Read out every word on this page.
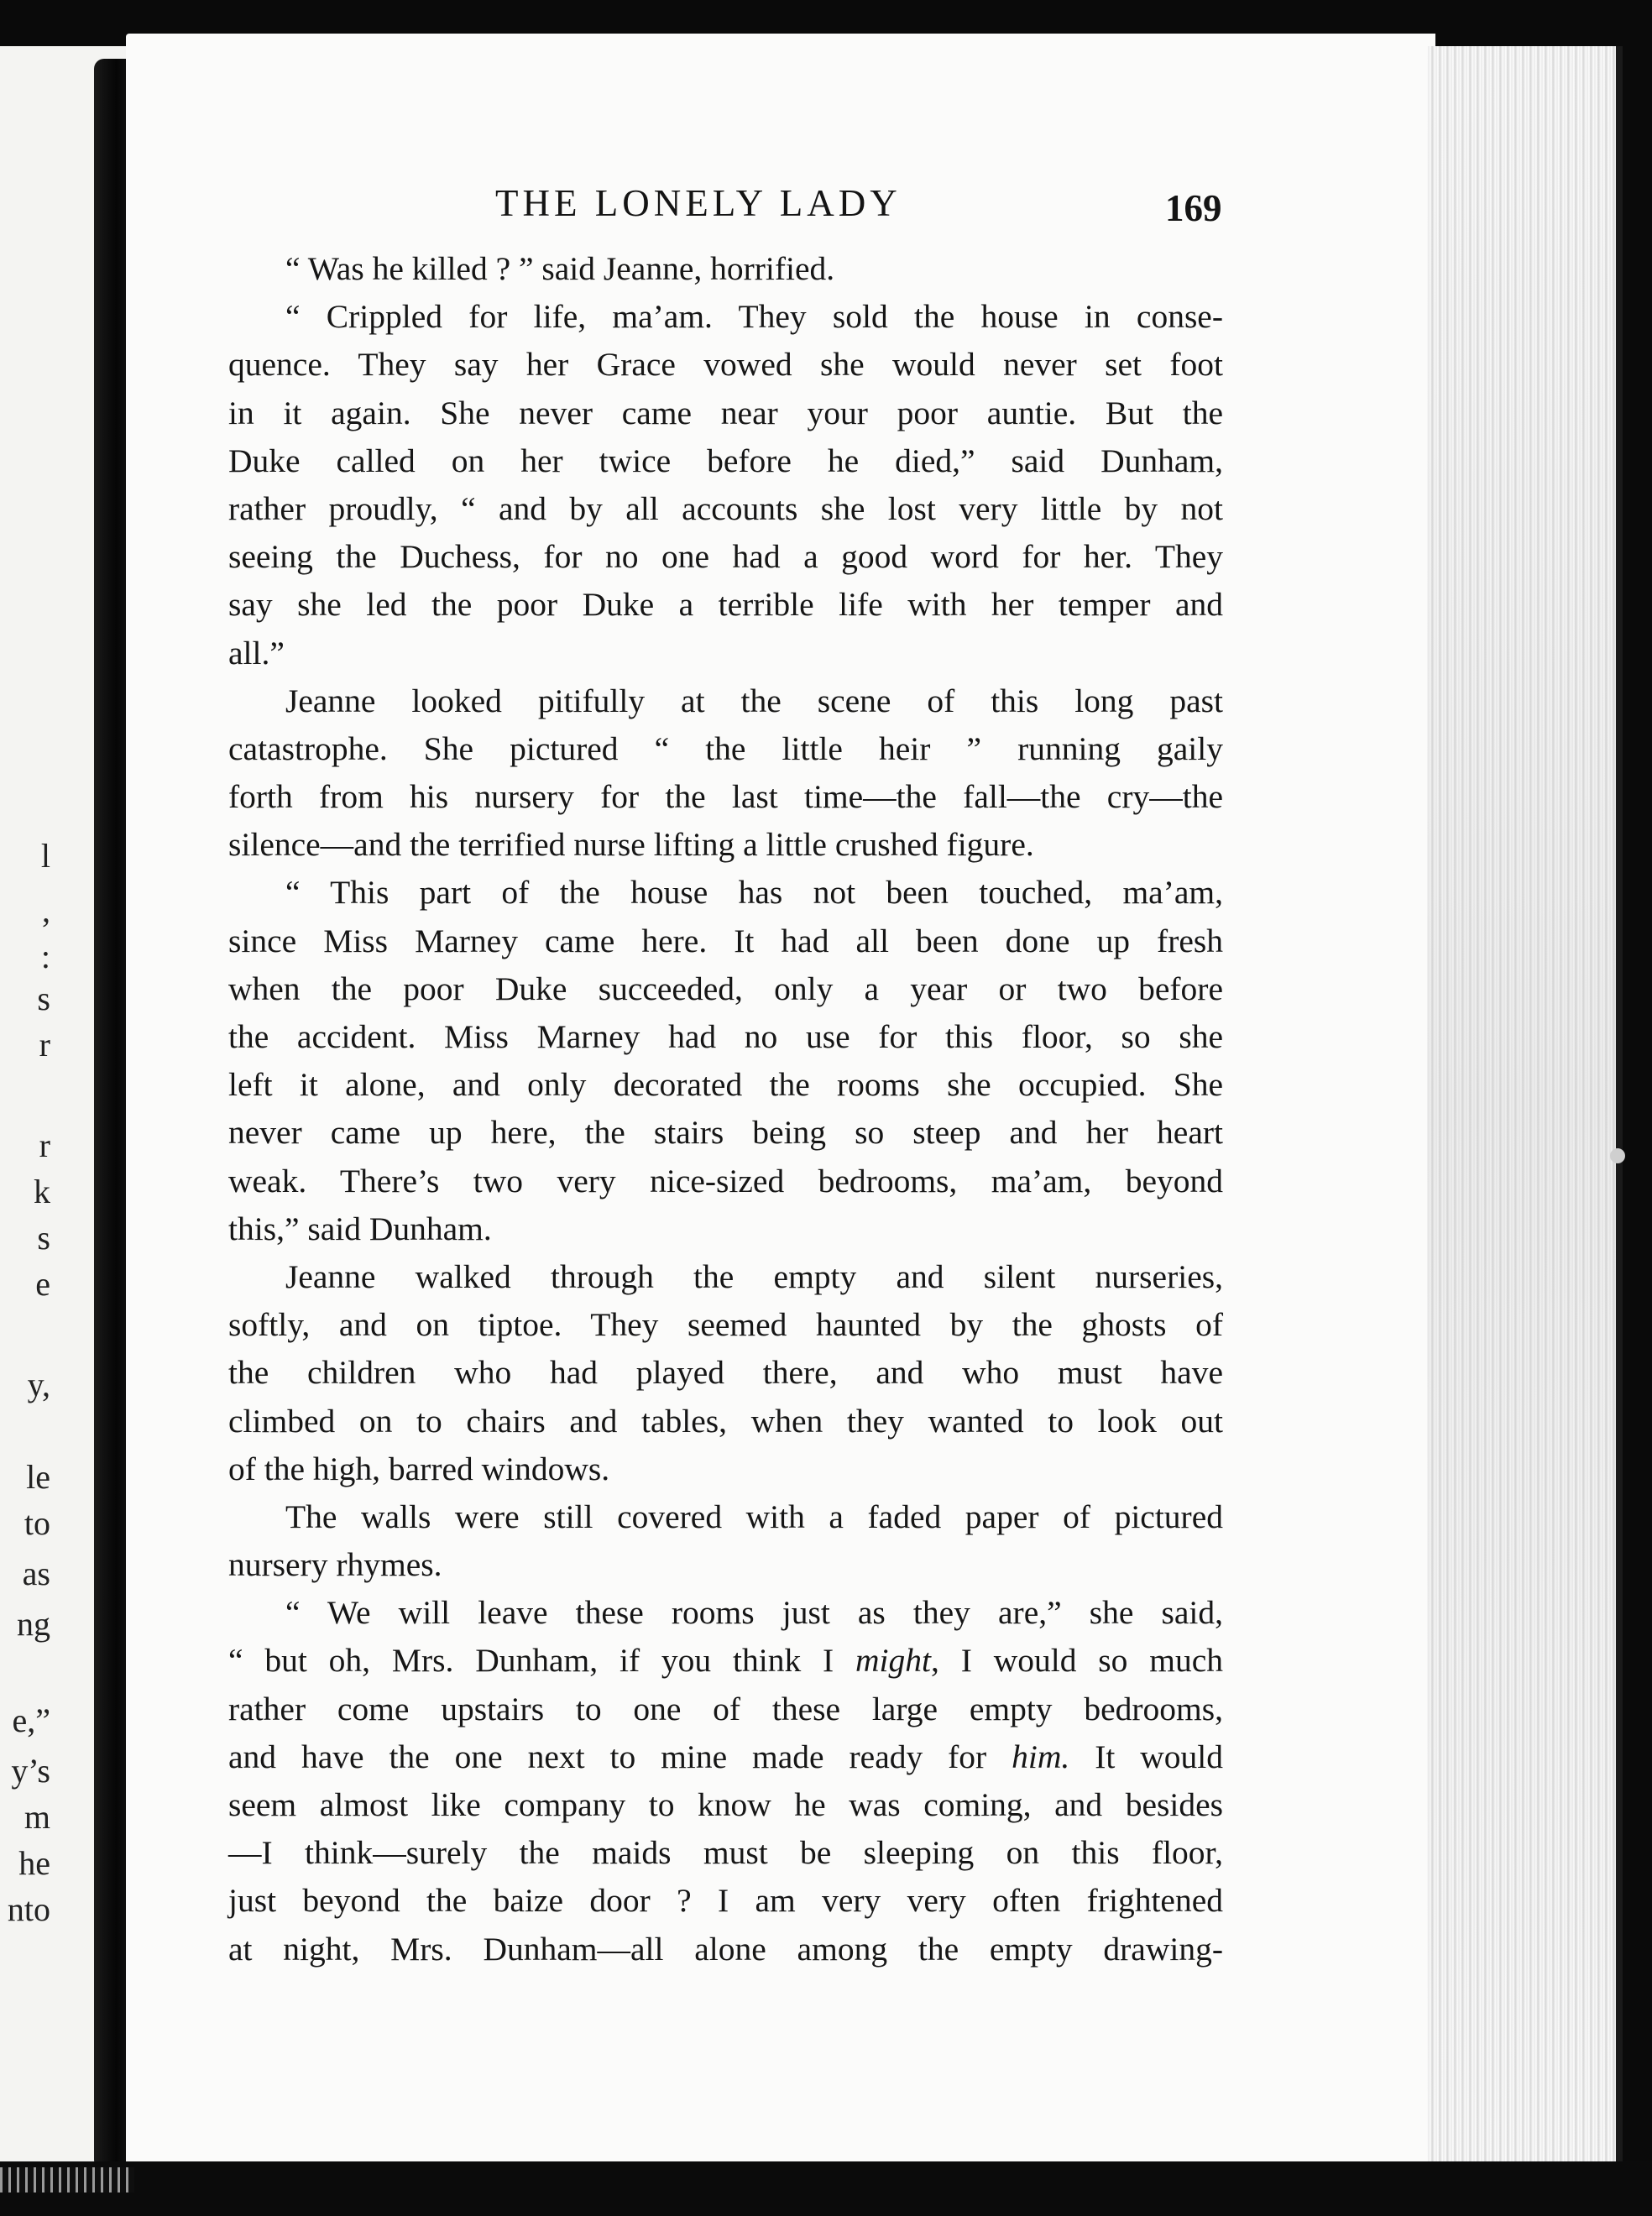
l
,
:
s
r
r
k
s
e
y,
le
to
as
ng
e,”
y’s
m
he
nto
THE LONELY LADY	169
“ Was he killed ? ” said Jeanne, horrified.
“ Crippled for life, ma’am. They sold the house in conse-
quence. They say her Grace vowed she would never set foot
in it again. She never came near your poor auntie. But the
Duke called on her twice before he died,” said Dunham,
rather proudly, “ and by all accounts she lost very little by not
seeing the Duchess, for no one had a good word for her. They
say she led the poor Duke a terrible life with her temper and
all.”
Jeanne looked pitifully at the scene of this long past
catastrophe. She pictured “ the little heir ” running gaily
forth from his nursery for the last time—the fall—the cry—the
silence—and the terrified nurse lifting a little crushed figure.
“ This part of the house has not been touched, ma’am,
since Miss Marney came here. It had all been done up fresh
when the poor Duke succeeded, only a year or two before
the accident. Miss Marney had no use for this floor, so she
left it alone, and only decorated the rooms she occupied. She
never came up here, the stairs being so steep and her heart
weak. There’s two very nice-sized bedrooms, ma’am, beyond
this,” said Dunham.
Jeanne walked through the empty and silent nurseries,
softly, and on tiptoe. They seemed haunted by the ghosts of
the children who had played there, and who must have
climbed on to chairs and tables, when they wanted to look out
of the high, barred windows.
The walls were still covered with a faded paper of pictured
nursery rhymes.
“ We will leave these rooms just as they are,” she said,
“ but oh, Mrs. Dunham, if you think I might, I would so much
rather come upstairs to one of these large empty bedrooms,
and have the one next to mine made ready for him. It would
seem almost like company to know he was coming, and besides
—I think—surely the maids must be sleeping on this floor,
just beyond the baize door ? I am very very often frightened
at night, Mrs. Dunham—all alone among the empty drawing-
